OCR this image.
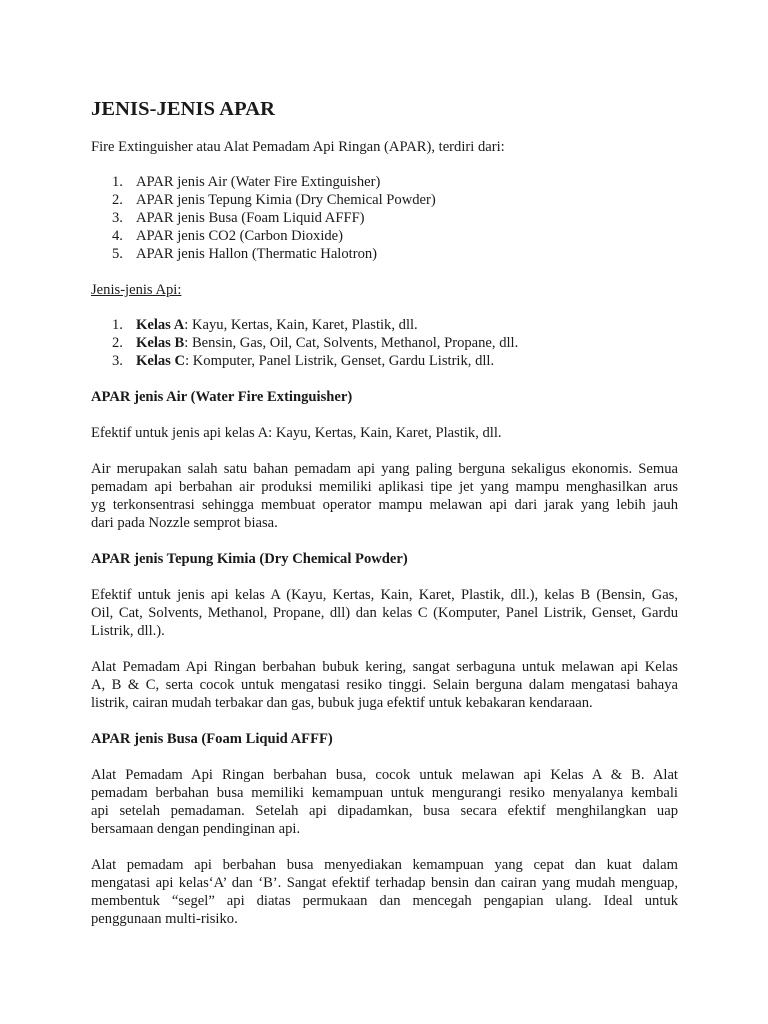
JENIS-JENIS APAR

Fire Extinguisher atau Alat Pemadam Api Ringan (APAR), terdiri dari:

1. APAR jenis Air (Water Fire Extinguisher)
2. APAR jenis Tepung Kimia (Dry Chemical Powder)
3. APAR jenis Busa (Foam Liquid AFFF)
4. APAR jenis CO2 (Carbon Dioxide)
5. APAR jenis Hallon (Thermatic Halotron)

Jenis-jenis Api:

1. Kelas A: Kayu, Kertas, Kain, Karet, Plastik, dll.
2. Kelas B: Bensin, Gas, Oil, Cat, Solvents, Methanol, Propane, dll.
3. Kelas C: Komputer, Panel Listrik, Genset, Gardu Listrik, dll.

APAR jenis Air (Water Fire Extinguisher)

Efektif untuk jenis api kelas A: Kayu, Kertas, Kain, Karet, Plastik, dll.

Air merupakan salah satu bahan pemadam api yang paling berguna sekaligus ekonomis. Semua
pemadam api berbahan air produksi memiliki aplikasi tipe jet yang mampu menghasilkan arus
yg terkonsentrasi sehingga membuat operator mampu melawan api dari jarak yang lebih jauh
dari pada Nozzle semprot biasa.

APAR jenis Tepung Kimia (Dry Chemical Powder)

Efektif untuk jenis api kelas A (Kayu, Kertas, Kain, Karet, Plastik, dll.), kelas B (Bensin, Gas,
Oil, Cat, Solvents, Methanol, Propane, dll) dan kelas C (Komputer, Panel Listrik, Genset, Gardu
Listrik, dll.).
Alat Pemadam Api Ringan berbahan bubuk kering, sangat serbaguna untuk melawan api Kelas
A, B & C, serta cocok untuk mengatasi resiko tinggi. Selain berguna dalam mengatasi bahaya
listrik, cairan mudah terbakar dan gas, bubuk juga efektif untuk kebakaran kendaraan.

APAR jenis Busa (Foam Liquid AFFF)

Alat Pemadam Api Ringan berbahan busa, cocok untuk melawan api Kelas A & B. Alat
pemadam berbahan busa memiliki kemampuan untuk mengurangi resiko menyalanya kembali
api setelah pemadaman. Setelah api dipadamkan, busa secara efektif menghilangkan uap
bersamaan dengan pendinginan api.
Alat pemadam api berbahan busa menyediakan kemampuan yang cepat dan kuat dalam
mengatasi api kelas‘A’ dan ‘B’. Sangat efektif terhadap bensin dan cairan yang mudah menguap,
membentuk “segel” api diatas permukaan dan mencegah pengapian ulang. Ideal untuk
penggunaan multi-risiko.
